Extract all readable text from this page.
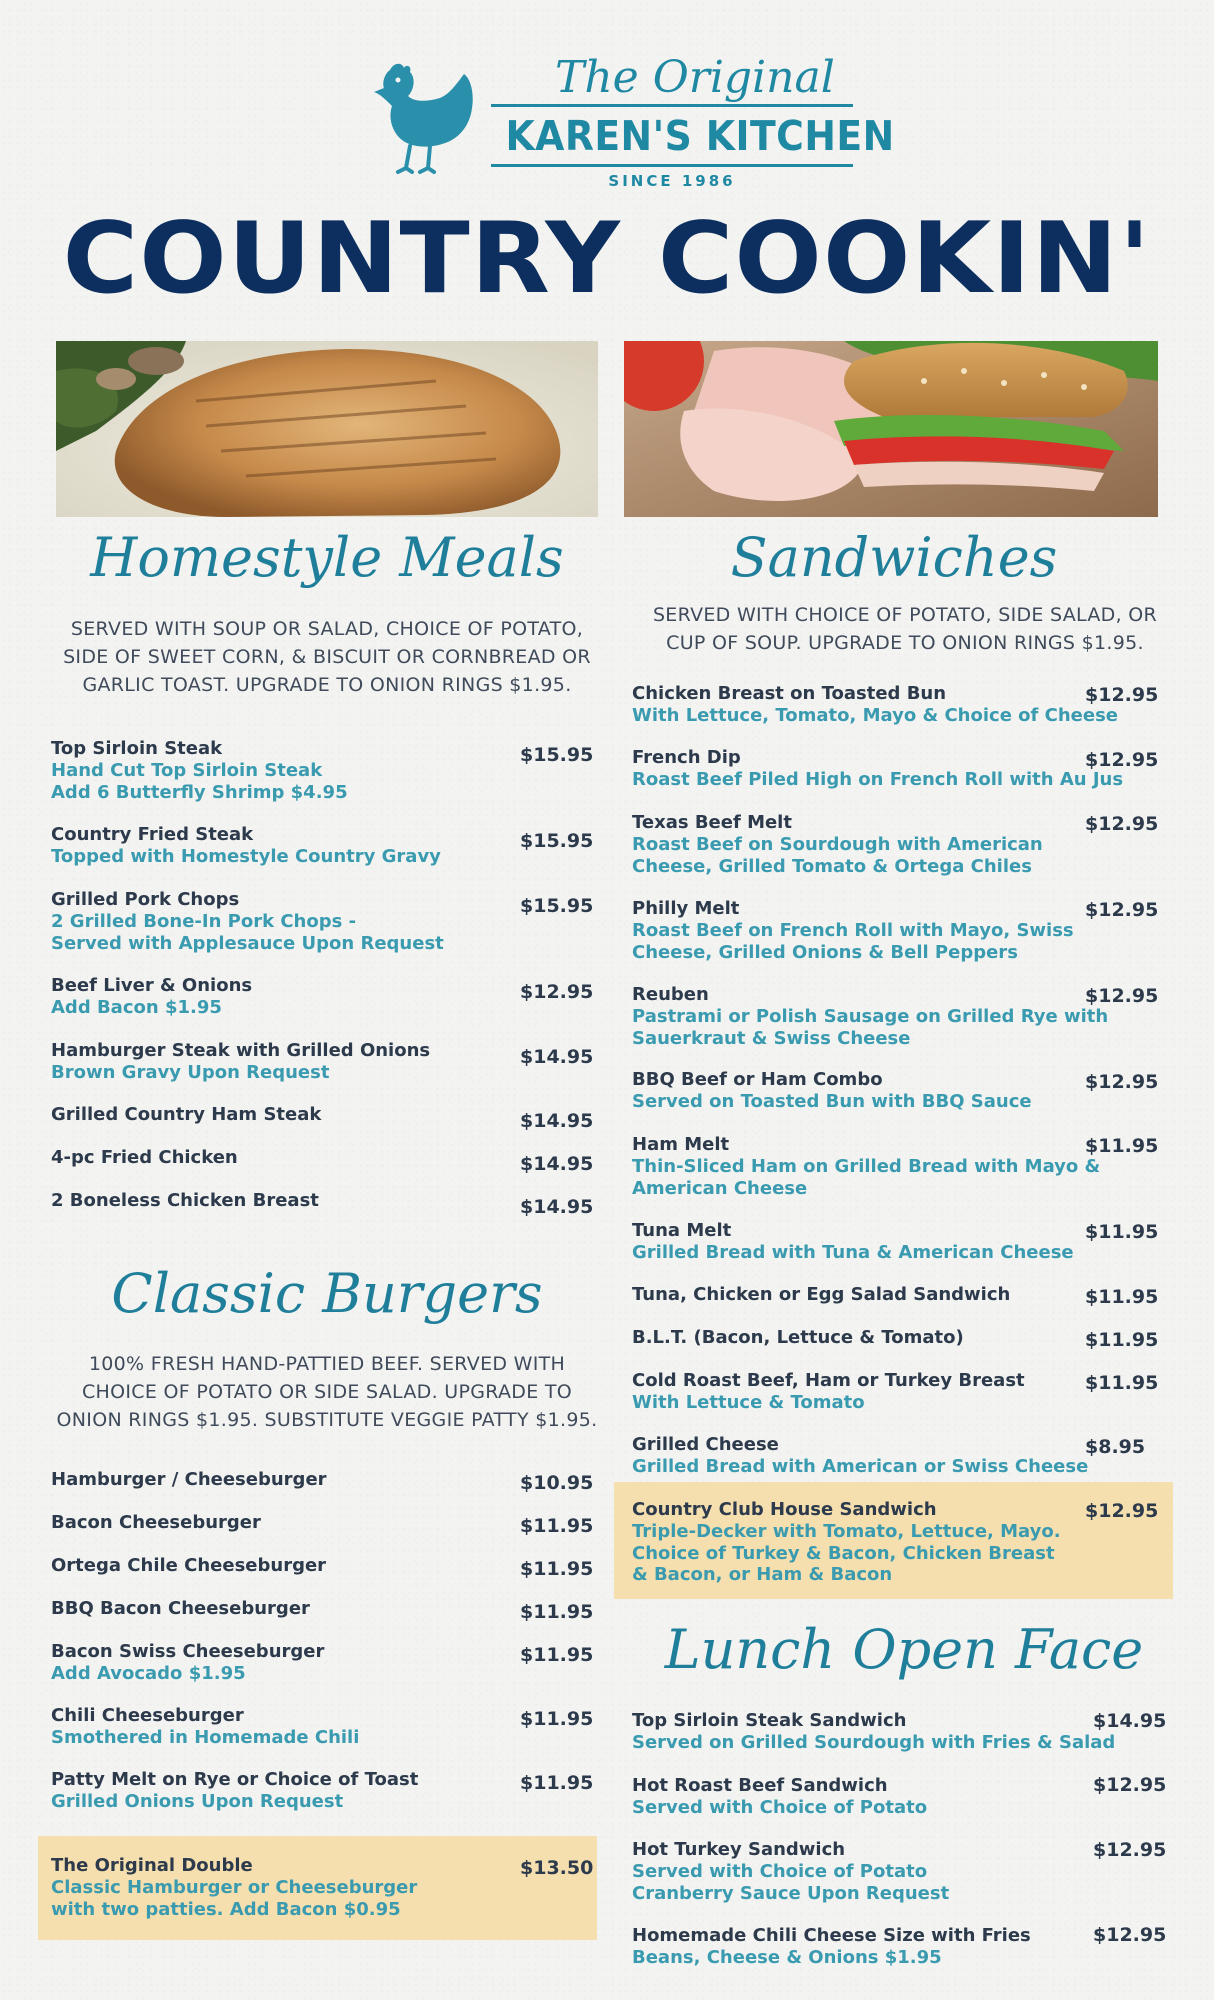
The Original
KAREN'S KITCHEN
SINCE 1986
COUNTRY COOKIN'
Homestyle Meals
SERVED WITH SOUP OR SALAD, CHOICE OF POTATO, SIDE OF SWEET CORN, & BISCUIT OR CORNBREAD OR GARLIC TOAST. UPGRADE TO ONION RINGS $1.95.
Top Sirloin Steak
Hand Cut Top Sirloin Steak
Add 6 Butterfly Shrimp $4.95
$15.95
Country Fried Steak
Topped with Homestyle Country Gravy
$15.95
Grilled Pork Chops
2 Grilled Bone-In Pork Chops -
Served with Applesauce Upon Request
$15.95
Beef Liver & Onions
Add Bacon $1.95
$12.95
Hamburger Steak with Grilled Onions
Brown Gravy Upon Request
$14.95
Grilled Country Ham Steak	$14.95
4-pc Fried Chicken	$14.95
2 Boneless Chicken Breast	$14.95
Classic Burgers
100% FRESH HAND-PATTIED BEEF. SERVED WITH CHOICE OF POTATO OR SIDE SALAD. UPGRADE TO ONION RINGS $1.95. SUBSTITUTE VEGGIE PATTY $1.95.
Hamburger / Cheeseburger	$10.95
Bacon Cheeseburger	$11.95
Ortega Chile Cheeseburger	$11.95
BBQ Bacon Cheeseburger	$11.95
Bacon Swiss Cheeseburger
Add Avocado $1.95
$11.95
Chili Cheeseburger
Smothered in Homemade Chili
$11.95
Patty Melt on Rye or Choice of Toast
Grilled Onions Upon Request
$11.95
The Original Double
Classic Hamburger or Cheeseburger
with two patties. Add Bacon $0.95
$13.50
Sandwiches
SERVED WITH CHOICE OF POTATO, SIDE SALAD, OR CUP OF SOUP. UPGRADE TO ONION RINGS $1.95.
Chicken Breast on Toasted Bun
With Lettuce, Tomato, Mayo & Choice of Cheese
$12.95
French Dip
Roast Beef Piled High on French Roll with Au Jus
$12.95
Texas Beef Melt
Roast Beef on Sourdough with American
Cheese, Grilled Tomato & Ortega Chiles
$12.95
Philly Melt
Roast Beef on French Roll with Mayo, Swiss
Cheese, Grilled Onions & Bell Peppers
$12.95
Reuben
Pastrami or Polish Sausage on Grilled Rye with
Sauerkraut & Swiss Cheese
$12.95
BBQ Beef or Ham Combo
Served on Toasted Bun with BBQ Sauce
$12.95
Ham Melt
Thin-Sliced Ham on Grilled Bread with Mayo &
American Cheese
$11.95
Tuna Melt
Grilled Bread with Tuna & American Cheese
$11.95
Tuna, Chicken or Egg Salad Sandwich	$11.95
B.L.T. (Bacon, Lettuce & Tomato)	$11.95
Cold Roast Beef, Ham or Turkey Breast
With Lettuce & Tomato
$11.95
Grilled Cheese
Grilled Bread with American or Swiss Cheese
$8.95
Country Club House Sandwich
Triple-Decker with Tomato, Lettuce, Mayo.
Choice of Turkey & Bacon, Chicken Breast
& Bacon, or Ham & Bacon
$12.95
Lunch Open Face
Top Sirloin Steak Sandwich
Served on Grilled Sourdough with Fries & Salad
$14.95
Hot Roast Beef Sandwich
Served with Choice of Potato
$12.95
Hot Turkey Sandwich
Served with Choice of Potato
Cranberry Sauce Upon Request
$12.95
Homemade Chili Cheese Size with Fries
Beans, Cheese & Onions $1.95
$12.95
